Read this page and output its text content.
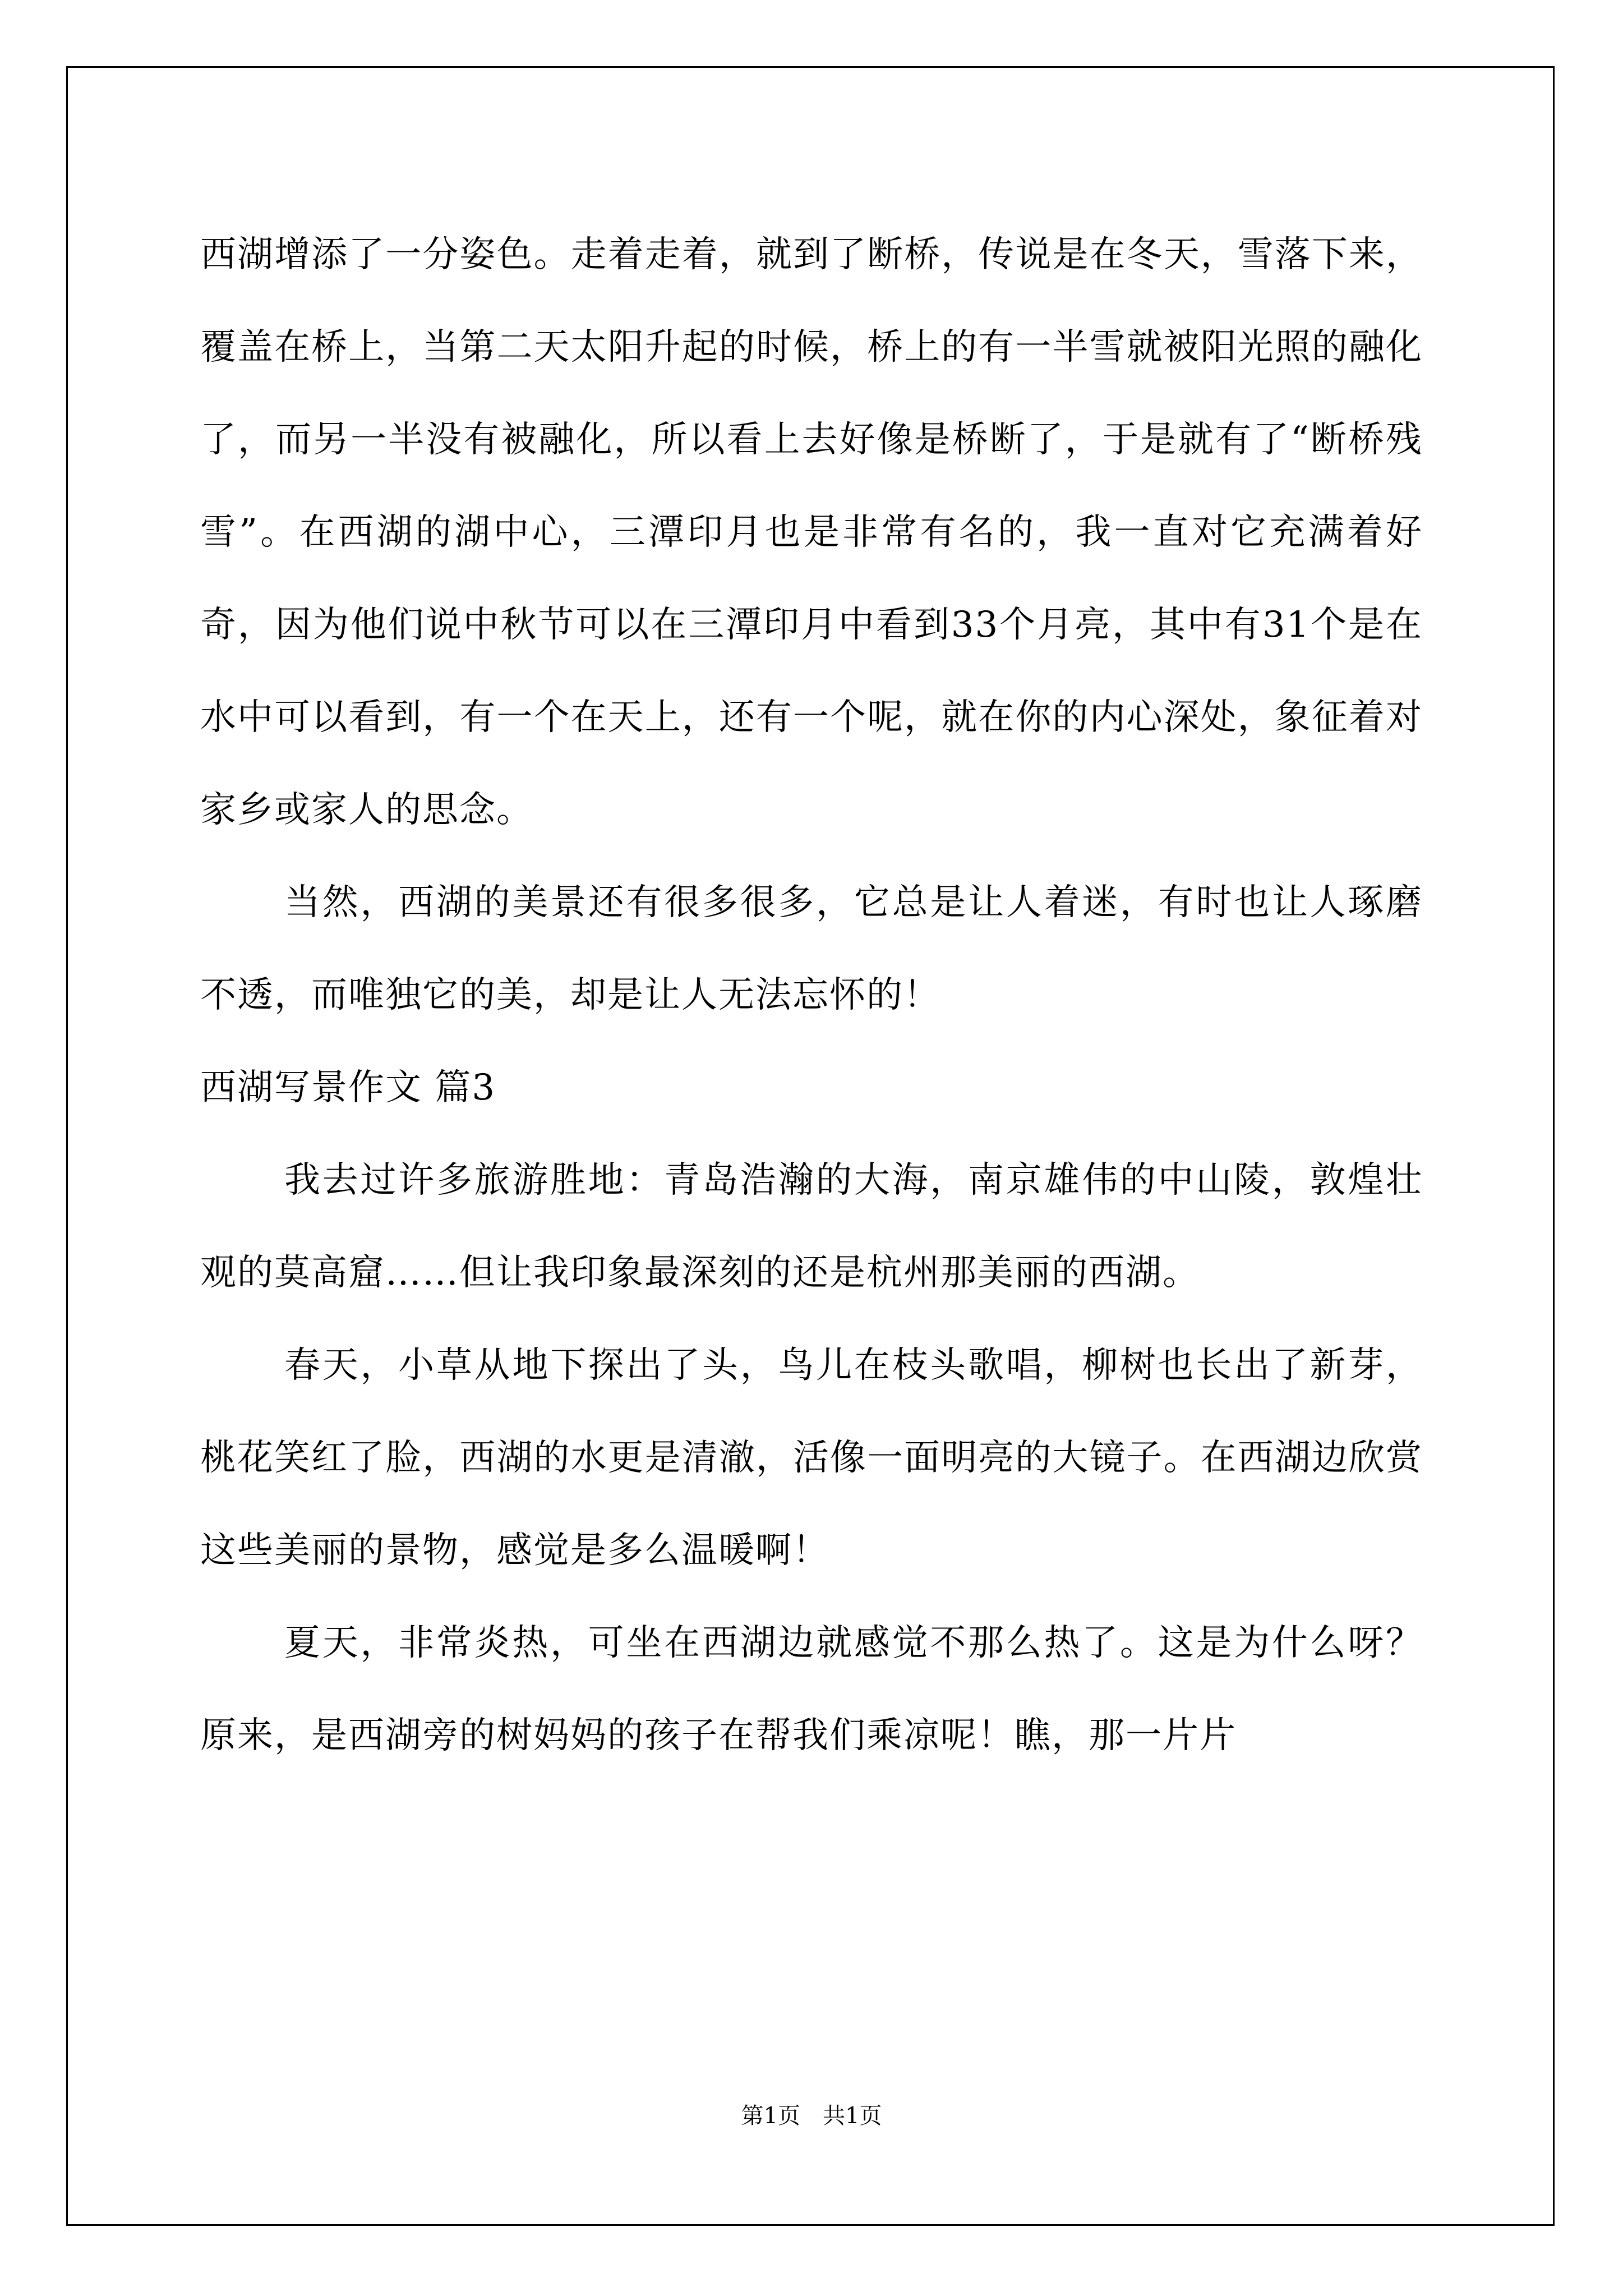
西湖增添了一分姿色。走着走着，就到了断桥，传说是在冬天，雪落下来，覆盖在桥上，当第二天太阳升起的时候，桥上的有一半雪就被阳光照的融化了，而另一半没有被融化，所以看上去好像是桥断了，于是就有了“断桥残雪”。在西湖的湖中心，三潭印月也是非常有名的，我一直对它充满着好奇，因为他们说中秋节可以在三潭印月中看到33个月亮，其中有31个是在水中可以看到，有一个在天上，还有一个呢，就在你的内心深处，象征着对家乡或家人的思念。

当然，西湖的美景还有很多很多，它总是让人着迷，有时也让人琢磨不透，而唯独它的美，却是让人无法忘怀的！

西湖写景作文 篇3

我去过许多旅游胜地：青岛浩瀚的大海，南京雄伟的中山陵，敦煌壮观的莫高窟……但让我印象最深刻的还是杭州那美丽的西湖。

春天，小草从地下探出了头，鸟儿在枝头歌唱，柳树也长出了新芽，桃花笑红了脸，西湖的水更是清澈，活像一面明亮的大镜子。在西湖边欣赏这些美丽的景物，感觉是多么温暖啊！

夏天，非常炎热，可坐在西湖边就感觉不那么热了。这是为什么呀？原来，是西湖旁的树妈妈的孩子在帮我们乘凉呢！瞧，那一片片

第1页　共1页
